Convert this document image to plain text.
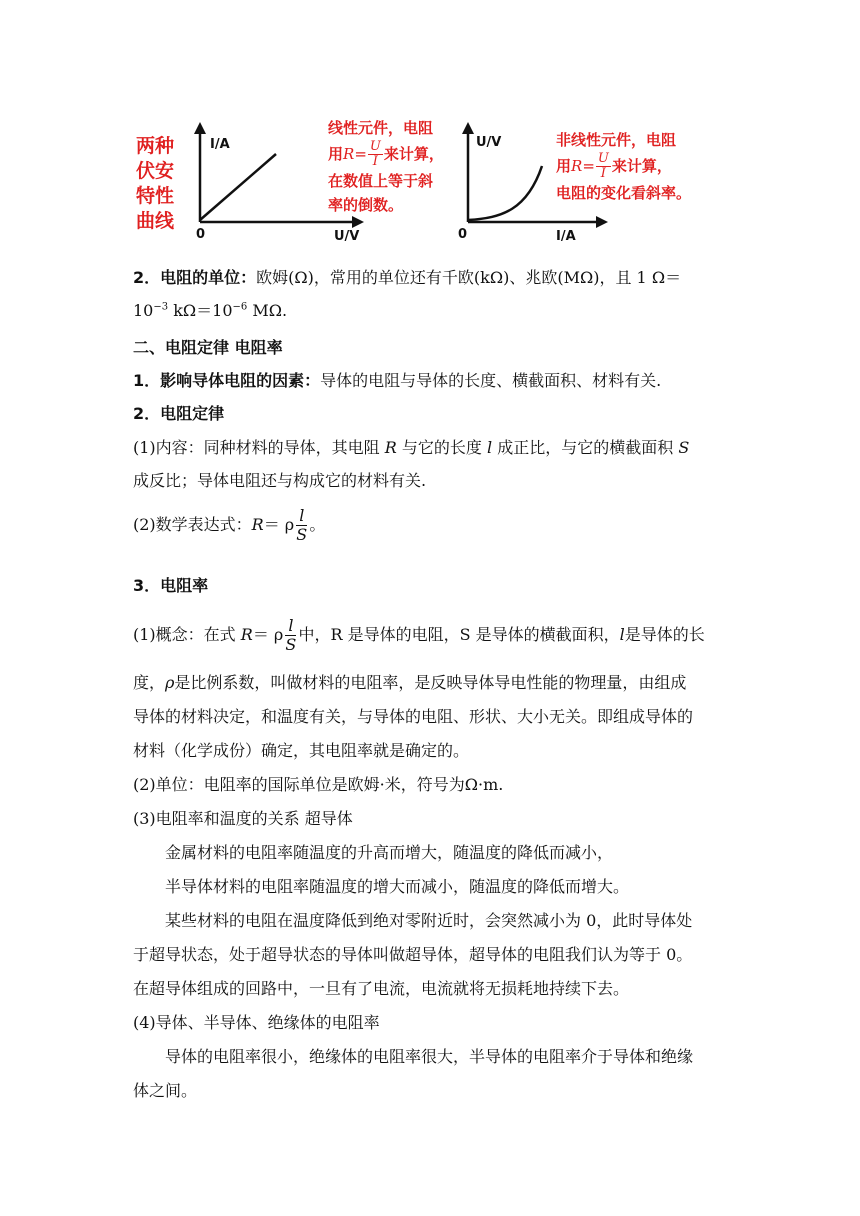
两种伏安特性曲线
I/A
U/V
0
线性元件，电阻
用$R= \frac{U}{I}$ 来计算，
在数值上等于斜
率的倒数。
U/V
I/A
0
非线性元件，电阻
用$R= \frac{U}{I}$ 来计算，
电阻的变化看斜率。
2．电阻的单位：欧姆(Ω)，常用的单位还有千欧(kΩ)、兆欧(MΩ)，且 1 Ω＝
$10^{-3}$ $k\Omega=10^{-6}$ MΩ.
二、电阻定律 电阻率
1．影响导体电阻的因素：导体的电阻与导体的长度、横截面积、材料有关.
2．电阻定律
(1)内容：同种材料的导体，其电阻 R 与它的长度 l 成正比，与它的横截面积 S
成反比；导体电阻还与构成它的材料有关.
(2)数学表达式：R＝ ρ $\frac{l}{S}$ 。
3．电阻率
(1)概念：在式 R＝ ρ $\frac{l}{S}$ 中，R 是导体的电阻，S 是导体的横截面积，l是导体的长
度，ρ是比例系数，叫做材料的电阻率，是反映导体导电性能的物理量，由组成
导体的材料决定，和温度有关，与导体的电阻、形状、大小无关。即组成导体的
材料（化学成份）确定，其电阻率就是确定的。
(2)单位：电阻率的国际单位是欧姆·米，符号为Ω·m.
(3)电阻率和温度的关系 超导体
金属材料的电阻率随温度的升高而增大，随温度的降低而减小，
半导体材料的电阻率随温度的增大而减小，随温度的降低而增大。
某些材料的电阻在温度降低到绝对零附近时，会突然减小为 0，此时导体处
于超导状态，处于超导状态的导体叫做超导体，超导体的电阻我们认为等于 0。
在超导体组成的回路中，一旦有了电流，电流就将无损耗地持续下去。
(4)导体、半导体、绝缘体的电阻率
导体的电阻率很小，绝缘体的电阻率很大，半导体的电阻率介于导体和绝缘
体之间。
